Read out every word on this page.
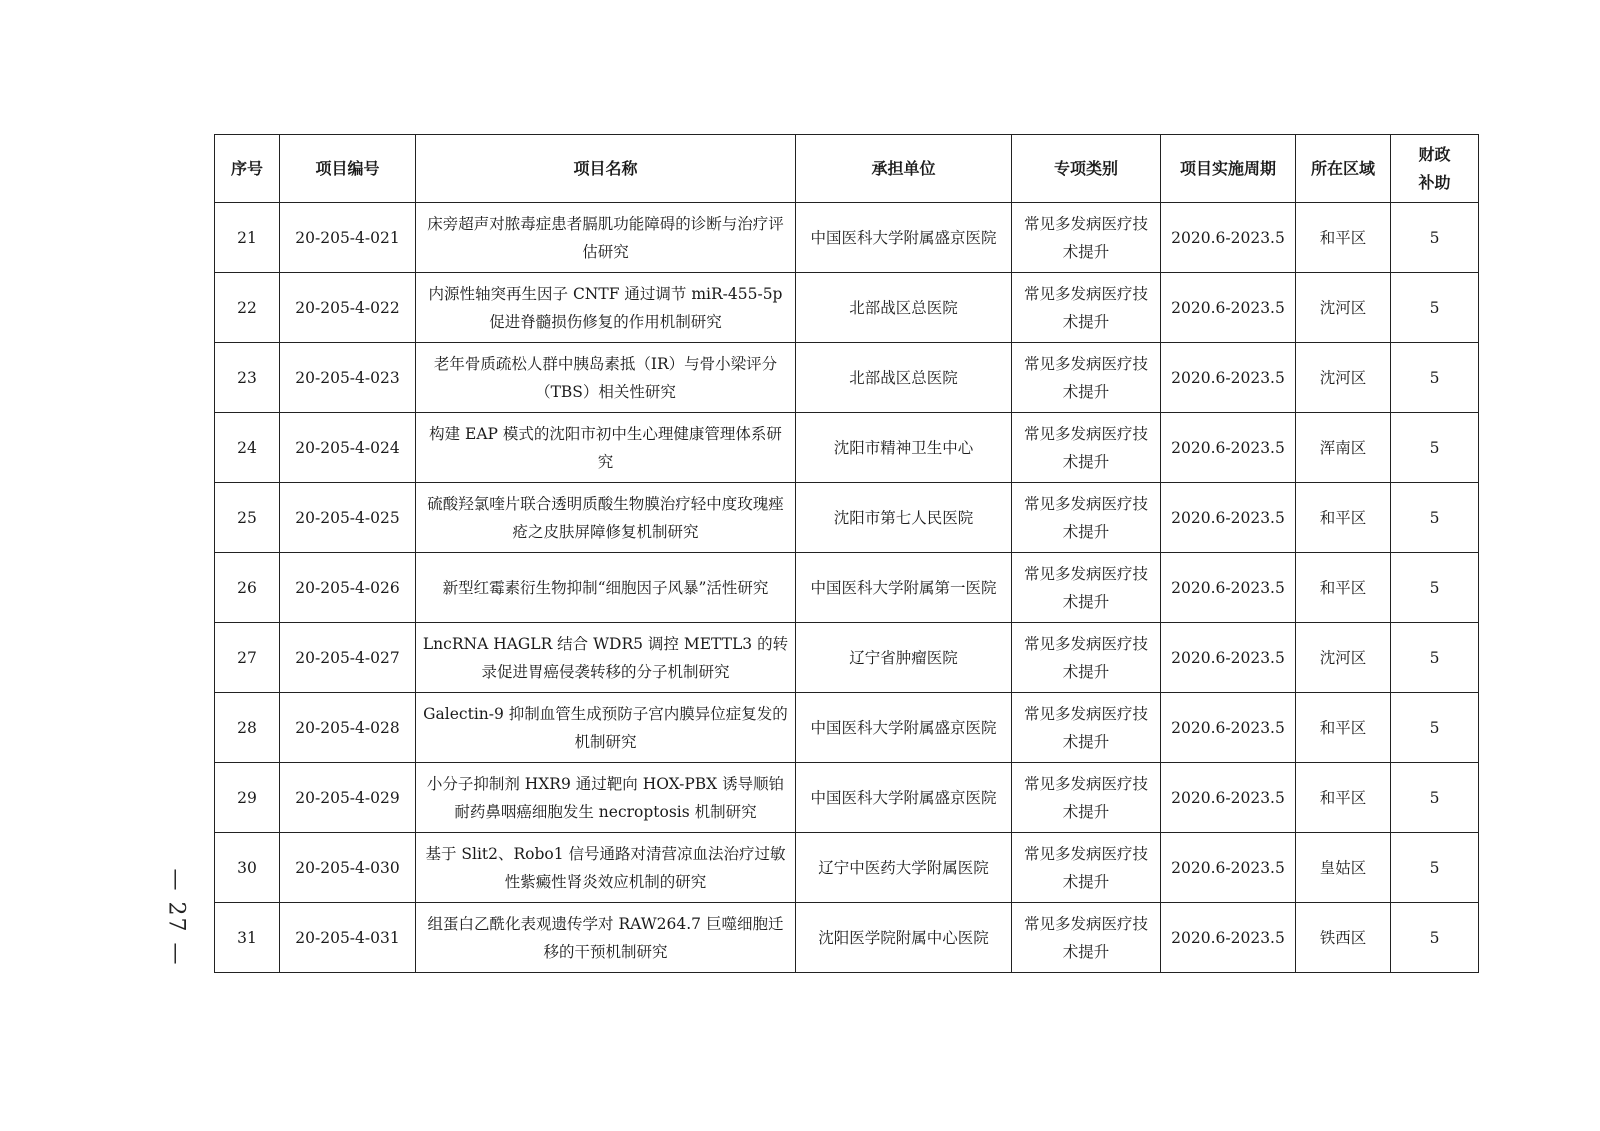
— 27 —
序号	项目编号	项目名称	承担单位	专项类别	项目实施周期	所在区域	财政补助
21	20-205-4-021	床旁超声对脓毒症患者膈肌功能障碍的诊断与治疗评估研究	中国医科大学附属盛京医院	常见多发病医疗技术提升	2020.6-2023.5	和平区	5
22	20-205-4-022	内源性轴突再生因子 CNTF 通过调节 miR-455-5p 促进脊髓损伤修复的作用机制研究	北部战区总医院	常见多发病医疗技术提升	2020.6-2023.5	沈河区	5
23	20-205-4-023	老年骨质疏松人群中胰岛素抵（IR）与骨小梁评分（TBS）相关性研究	北部战区总医院	常见多发病医疗技术提升	2020.6-2023.5	沈河区	5
24	20-205-4-024	构建 EAP 模式的沈阳市初中生心理健康管理体系研究	沈阳市精神卫生中心	常见多发病医疗技术提升	2020.6-2023.5	浑南区	5
25	20-205-4-025	硫酸羟氯喹片联合透明质酸生物膜治疗轻中度玫瑰痤疮之皮肤屏障修复机制研究	沈阳市第七人民医院	常见多发病医疗技术提升	2020.6-2023.5	和平区	5
26	20-205-4-026	新型红霉素衍生物抑制“细胞因子风暴”活性研究	中国医科大学附属第一医院	常见多发病医疗技术提升	2020.6-2023.5	和平区	5
27	20-205-4-027	LncRNA HAGLR 结合 WDR5 调控 METTL3 的转录促进胃癌侵袭转移的分子机制研究	辽宁省肿瘤医院	常见多发病医疗技术提升	2020.6-2023.5	沈河区	5
28	20-205-4-028	Galectin-9 抑制血管生成预防子宫内膜异位症复发的机制研究	中国医科大学附属盛京医院	常见多发病医疗技术提升	2020.6-2023.5	和平区	5
29	20-205-4-029	小分子抑制剂 HXR9 通过靶向 HOX-PBX 诱导顺铂耐药鼻咽癌细胞发生 necroptosis 机制研究	中国医科大学附属盛京医院	常见多发病医疗技术提升	2020.6-2023.5	和平区	5
30	20-205-4-030	基于 Slit2、Robo1 信号通路对清营凉血法治疗过敏性紫癜性肾炎效应机制的研究	辽宁中医药大学附属医院	常见多发病医疗技术提升	2020.6-2023.5	皇姑区	5
31	20-205-4-031	组蛋白乙酰化表观遗传学对 RAW264.7 巨噬细胞迁移的干预机制研究	沈阳医学院附属中心医院	常见多发病医疗技术提升	2020.6-2023.5	铁西区	5
